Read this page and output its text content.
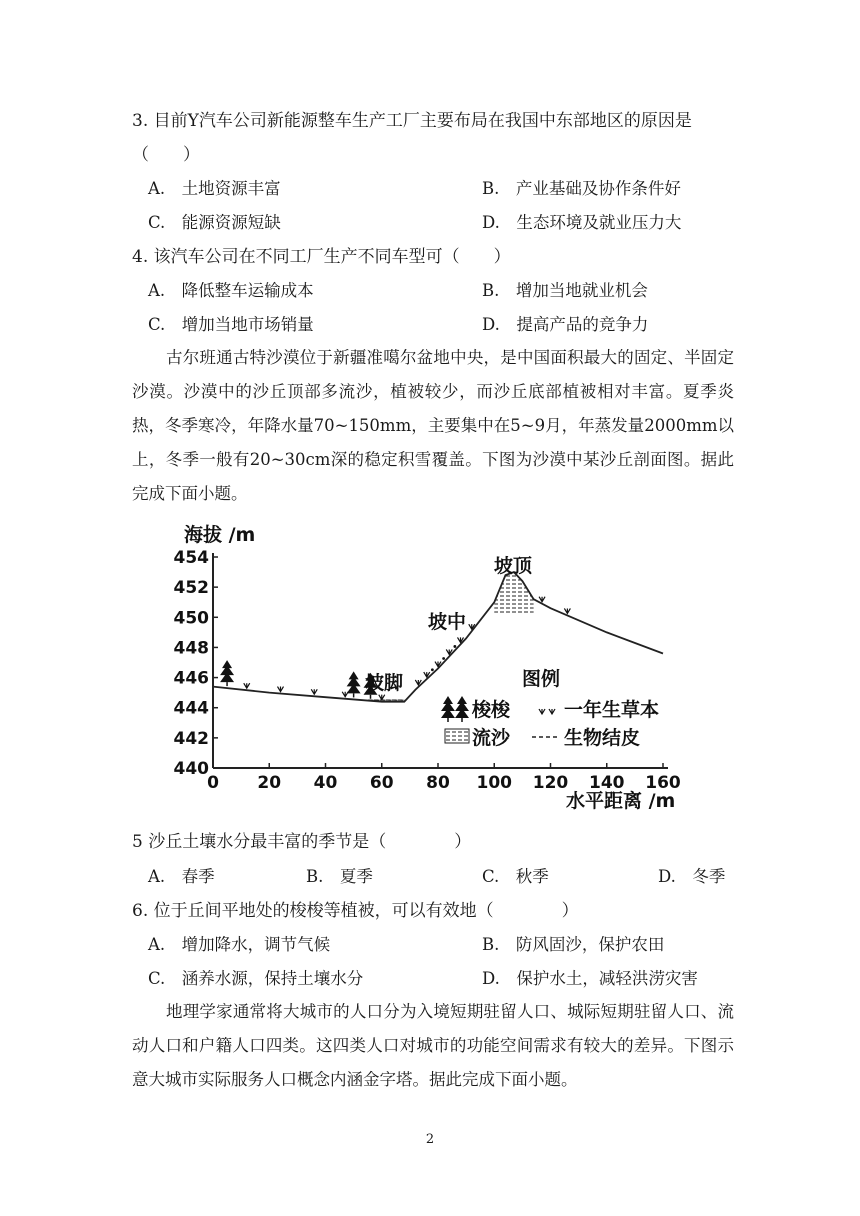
3. 目前Y汽车公司新能源整车生产工厂主要布局在我国中东部地区的原因是
（　　）
A.　土地资源丰富	B.　产业基础及协作条件好
C.　能源资源短缺	D.　生态环境及就业压力大
4. 该汽车公司在不同工厂生产不同车型可（　　）
A.　降低整车运输成本	B.　增加当地就业机会
C.　增加当地市场销量	D.　提高产品的竞争力
古尔班通古特沙漠位于新疆准噶尔盆地中央，是中国面积最大的固定、半固定沙漠。沙漠中的沙丘顶部多流沙，植被较少，而沙丘底部植被相对丰富。夏季炎热，冬季寒冷，年降水量70~150mm，主要集中在5~9月，年蒸发量2000mm以上，冬季一般有20~30cm深的稳定积雪覆盖。下图为沙漠中某沙丘剖面图。据此完成下面小题。
海拔 /m
水平距离 /m
0 20 40 60 80 100 120 140 160
440
442
444
446
448
450
452
454	坡顶
坡中
坡脚	图例
梭梭	一年生草本
流沙	生物结皮
5 沙丘土壤水分最丰富的季节是（　　　　）
A.　春季	B.　夏季	C.　秋季	D.　冬季
6. 位于丘间平地处的梭梭等植被，可以有效地（　　　　）
A.　增加降水，调节气候	B.　防风固沙，保护农田
C.　涵养水源，保持土壤水分	D.　保护水土，减轻洪涝灾害
地理学家通常将大城市的人口分为入境短期驻留人口、城际短期驻留人口、流动人口和户籍人口四类。这四类人口对城市的功能空间需求有较大的差异。下图示意大城市实际服务人口概念内涵金字塔。据此完成下面小题。
2
